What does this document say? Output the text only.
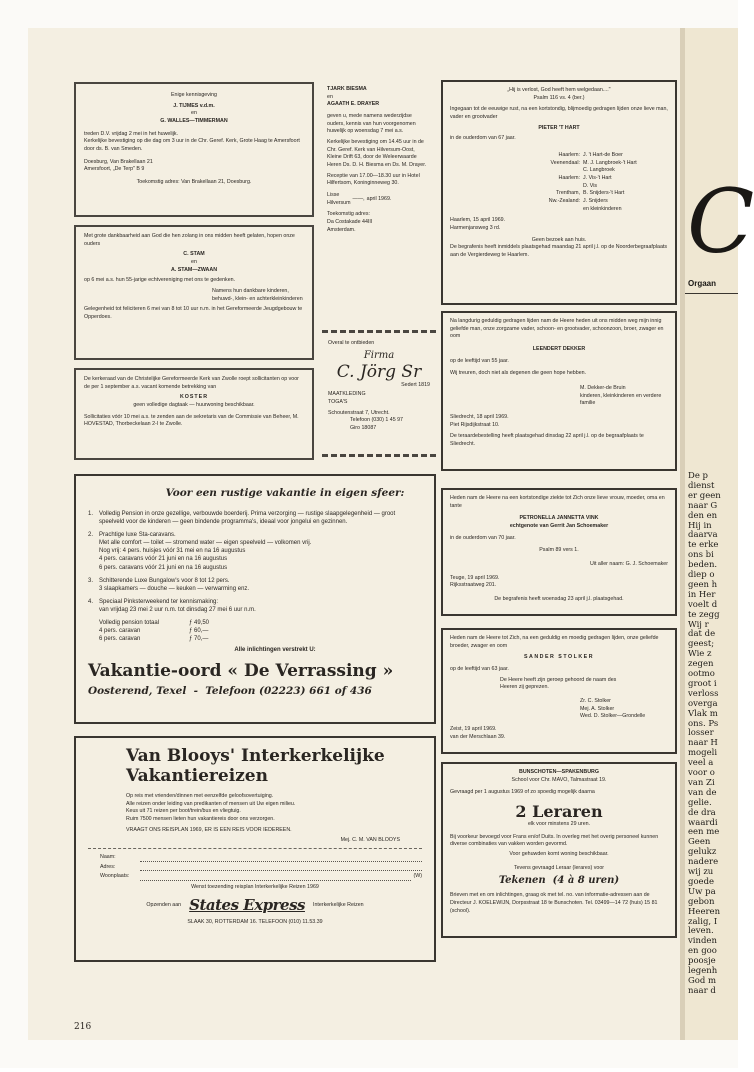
C
Orgaan
De p
dienst
er geen
naar G
den en
Hij in
daarva
te erke
ons bi
beden.
diep o
geen h
in Her
voelt d
te zegg
Wij r
dat de
geest;
Wie z
zegen
ootmo
groot i
verloss
overga
Vlak m
ons. Ps
losser
naar H
mogeli
veel a
voor o
van Zi
van de
gelie.
de dra
waardi
een me
Geen
gelukz
nadere
wij zu
goede
Uw pa
gebon
Heeren
zalig, I
leven.
vinden
en goo
poosje
legenh
God m
naar d

Enige kennisgeving

J. TIJMES v.d.m.

en

G. WALLES—TIMMERMAN

treden D.V. vrijdag 2 mei in het huwelijk.
Kerkelijke bevestiging op die dag om 3 uur in de Chr. Geref. Kerk, Grote Haag te Amersfoort door ds. B. van Smeden.

Doesburg, Van Brakellaan 21

Amersfoort, „De Terp" B 9

Toekomstig adres: Van Brakellaan 21, Doesburg.

TJARK BIESMA

en

AGAATH E. DRAYER

geven u, mede namens wederzijdse ouders, kennis van hun voorgenomen huwelijk op woensdag 7 mei a.s.

Kerkelijke bevestiging om 14.45 uur in de Chr. Geref. Kerk van Hilversum-Oost, Kleine Drift 63, door de Weleerwaarde Heren Ds. D. H. Biesma en Ds. M. Drayer.

Receptie van 17.00—18.30 uur in Hotel Hilfertsom, Koninginneweg 30.

Lisse

Hilversum

——, april 1969.

Toekomstig adres:

Da Costakade 44III

Amsterdam.

„Hij is verlost, God heeft hem welgedaan...."

Psalm 116 vs. 4 (ber.)

Ingegaan tot de eeuwige rust, na een kortstondig, blijmoedig gedragen lijden onze lieve man, vader en grootvader

PIETER 'T HART

in de ouderdom van 67 jaar.

Haarlem: J. 't Hart-de Boer
Veenendaal: M. J. Langbroek-'t Hart
C. Langbroek
Haarlem: J. Vis-'t Hart
D. Vis
Trentham, B. Snijders-'t Hart
Nw.-Zealand: J. Snijders
en kleinkinderen

Haarlem, 15 april 1969.

Harmenjansweg 3 rd.

Geen bezoek aan huis.

De begrafenis heeft inmiddels plaatsgehad maandag 21 april j.l. op de Noorderbegraafplaats aan de Vergierdeweg te Haarlem.

Met grote dankbaarheid aan God die hen zolang in ons midden heeft gelaten, hopen onze ouders

C. STAM

en

A. STAM—ZWAAN

op 6 mei a.s. hun 55-jarige echtvereniging met ons te gedenken.

Namens hun dankbare kinderen, behuwd-, klein- en achterkleinkinderen

Gelegenheid tot feliciteren 6 mei van 8 tot 10 uur n.m. in het Gereformeerde Jeugdgebouw te Opperdoes.

Overal te ontbieden

Firma

C. Jörg Sr

Sedert 1819

MAATKLEDING

TOGA'S

Schoutenstraat 7, Utrecht.

Telefoon (030) 1 45 97

Giro 18087

Na langdurig geduldig gedragen lijden nam de Heere heden uit ons midden weg mijn innig geliefde man, onze zorgzame vader, schoon- en grootvader, schoonzoon, broer, zwager en oom

LEENDERT DEKKER

op de leeftijd van 55 jaar.

Wij treuren, doch niet als degenen die geen hope hebben.

M. Dekker-de Bruin

kinderen, kleinkinderen en verdere familie

Sliedrecht, 18 april 1969.

Piet Rijsdijkstraat 10.

De teraardebestelling heeft plaatsgehad dinsdag 22 april j.l. op de begraafplaats te Sliedrecht.

De kerkeraad van de Christelijke Gereformeerde Kerk van Zwolle roept sollicitanten op voor de per 1 september a.s. vacant komende betrekking van

KOSTER

geen volledige dagtaak — huurwoning beschikbaar.

Sollicitaties vóór 10 mei a.s. te zenden aan de sekretaris van de Commissie van Beheer, M. HOVESTAD, Thorbeckelaan 2-I te Zwolle.

Heden nam de Heere na een kortstondige ziekte tot Zich onze lieve vrouw, moeder, oma en tante

PETRONELLA JANNETTA VINK

echtgenote van Gerrit Jan Schoemaker

in de ouderdom van 70 jaar.

Psalm 89 vers 1.

Uit aller naam: G. J. Schoemaker

Teuge, 19 april 1969.

Rijksstraatweg 201.

De begrafenis heeft woensdag 23 april j.l. plaatsgehad.

Voor een rustige vakantie in eigen sfeer:

1. Volledig Pension in onze gezellige, verbouwde boerderij. Prima verzorging — rustige slaapgelegenheid — groot speelveld voor de kinderen — geen bindende programma's, ideaal voor jongelui en gezinnen.
2. Prachtige luxe Sta-caravans.
Met alle comfort — toilet — stromend water — eigen speelveld — volkomen vrij.
Nog vrij: 4 pers. huisjes vóór 31 mei en na 16 augustus
4 pers. caravans vóór 21 juni en na 16 augustus
6 pers. caravans vóór 21 juni en na 16 augustus
3. Schitterende Luxe Bungalow's voor 8 tot 12 pers.
3 slaapkamers — douche — keuken — verwarming enz.
4. Speciaal Pinksterweekend ter kennismaking:
van vrijdag 23 mei 2 uur n.m. tot dinsdag 27 mei 6 uur n.m.
Volledig pension totaal	ƒ 49,50
4 pers. caravan	ƒ 60,—
6 pers. caravan	ƒ 70,—

Alle inlichtingen verstrekt U:

Vakantie-oord « De Verrassing »

Oosterend, Texel  -  Telefoon (02223) 661 of 436

Heden nam de Heere tot Zich, na een geduldig en moedig gedragen lijden, onze geliefde broeder, zwager en oom

SANDER STOLKER

op de leeftijd van 63 jaar.

De Heere heeft zijn geroep gehoord de naam des Heeren zij geprezen.

Zr. C. Stolker

Mej. A. Stolker

Wed. D. Stolker—Grondelle

Zeist, 19 april 1969.

van der Merschlaan 39.

Van Blooys' Interkerkelijke

Vakantiereizen

Op reis met vrienden/dinnen met eenzelfde geloofsovertuiging.

Alle reizen onder leiding van predikanten of mensen uit Uw eigen milieu.

Keus uit 71 reizen per boot/trein/bus en vliegtuig.

Ruim 7500 mensen lieten hun vakantiereis door ons verzorgen.

VRAAGT ONS REISPLAN 1969, ER IS EEN REIS VOOR IEDEREEN.

Mej. C. M. VAN BLOOYS

Naam:
Adres:
Woonplaats:	(W)

Wenst toezending reisplan Interkerkelijke Reizen 1969

Opzenden aan States Express Interkerkelijke Reizen

SLAAK 30, ROTTERDAM 16. TELEFOON (010) 11.53.39

BUNSCHOTEN—SPAKENBURG

School voor Chr. MAVO, Talmastraat 19.

Gevraagd per 1 augustus 1969 of zo spoedig mogelijk daarna

2 Leraren

elk voor minstens 29 uren.

Bij voorkeur bevoegd voor Frans en/of Duits. In overleg met het overig personeel kunnen diverse combinaties van vakken worden gevormd.

Voor gehuwden komt woning beschikbaar.

Tevens gevraagd Leraar (lerares) voor

Tekenen  (4 à 8 uren)

Brieven met en om inlichtingen, graag ok met tel. no. van informatie-adressen aan de Directeur J. KOELEWIJN, Dorpsstraat 18 te Bunschoten. Tel. 03499—14 72 (huis) 15 81 (school).

216
